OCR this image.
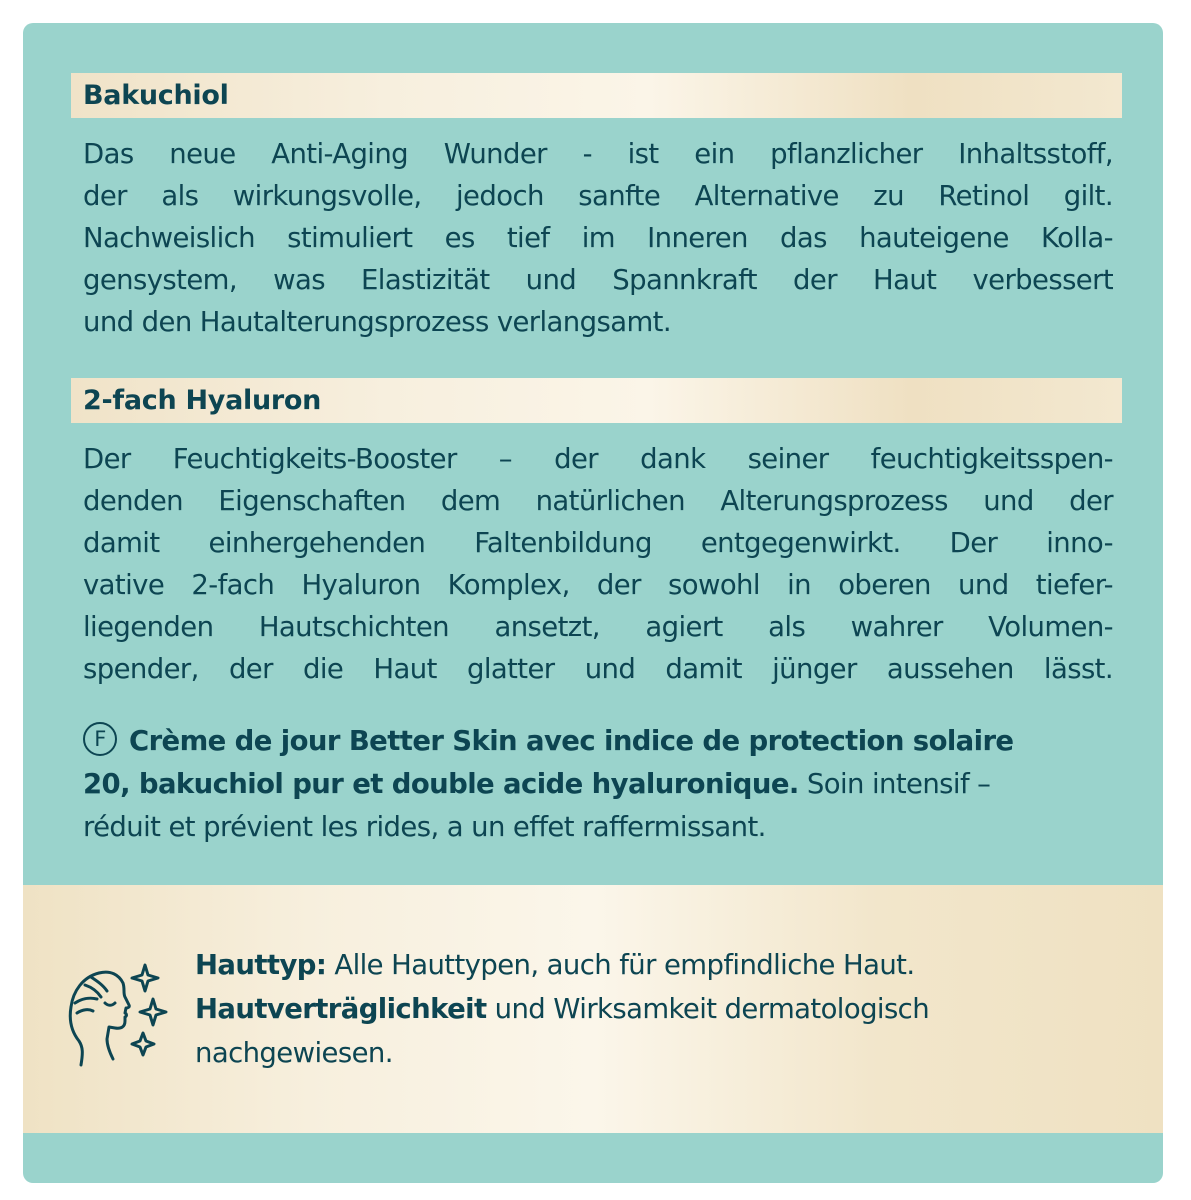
Bakuchiol
Das neue Anti-Aging Wunder - ist ein pflanzlicher Inhaltsstoff,
der als wirkungsvolle, jedoch sanfte Alternative zu Retinol gilt.
Nachweislich stimuliert es tief im Inneren das hauteigene Kolla-
gensystem, was Elastizität und Spannkraft der Haut verbessert
und den Hautalterungsprozess verlangsamt.
2-fach Hyaluron
Der Feuchtigkeits-Booster – der dank seiner feuchtigkeitsspen-
denden Eigenschaften dem natürlichen Alterungsprozess und der
damit einhergehenden Faltenbildung entgegenwirkt. Der inno-
vative 2-fach Hyaluron Komplex, der sowohl in oberen und tiefer-
liegenden Hautschichten ansetzt, agiert als wahrer Volumen-
spender, der die Haut glatter und damit jünger aussehen lässt.
F Crème de jour Better Skin avec indice de protection solaire
20, bakuchiol pur et double acide hyaluronique. Soin intensif –
réduit et prévient les rides, a un effet raffermissant.
Hauttyp: Alle Hauttypen, auch für empfindliche Haut.
Hautverträglichkeit und Wirksamkeit dermatologisch
nachgewiesen.
